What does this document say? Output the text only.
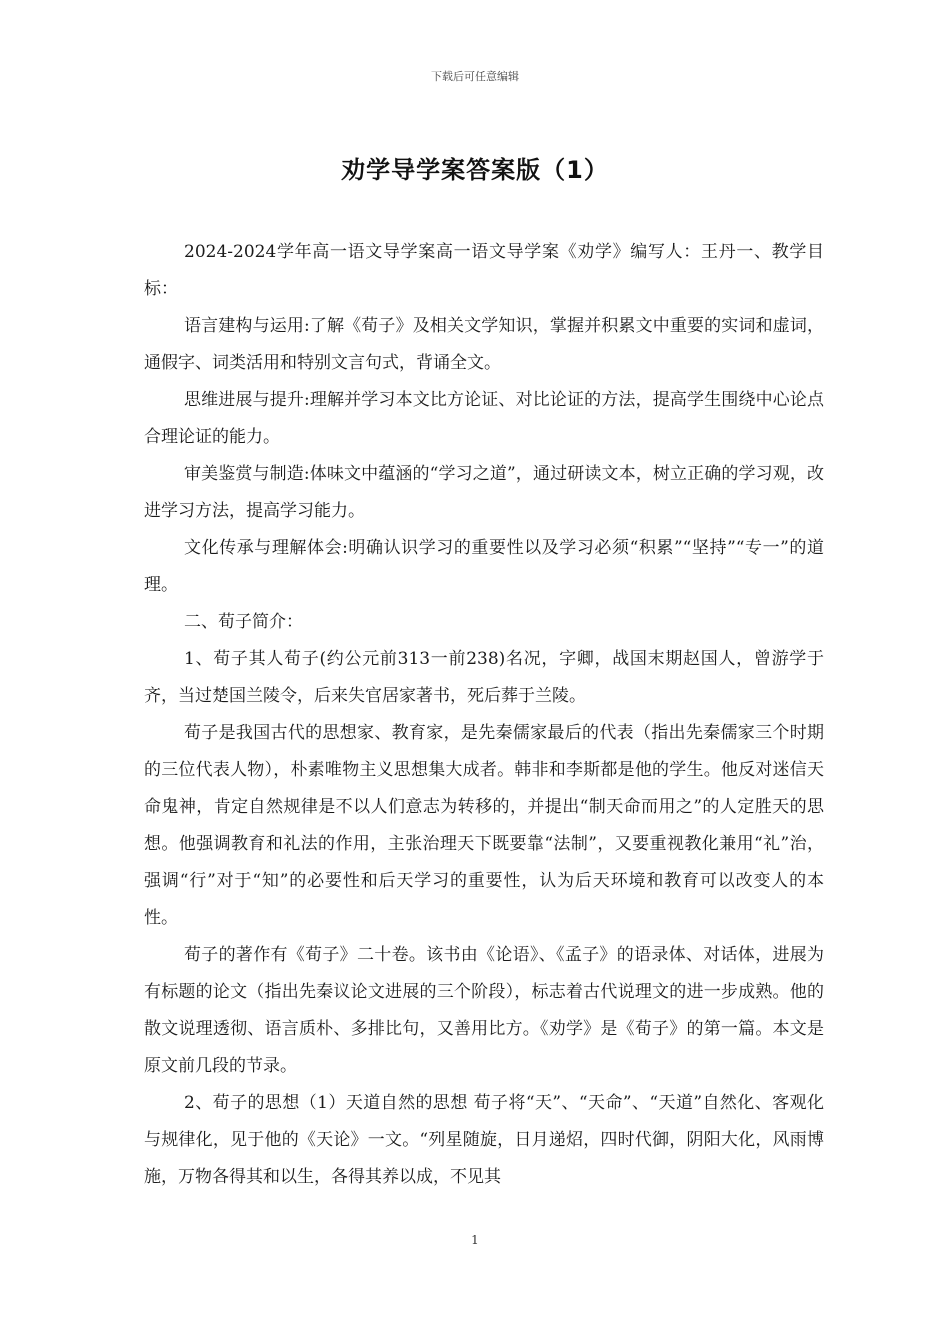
下载后可任意编辑
劝学导学案答案版（1）

2024-2024学年高一语文导学案高一语文导学案《劝学》编写人：王丹一、教学目标：

语言建构与运用:了解《荀子》及相关文学知识，掌握并积累文中重要的实词和虚词，通假字、词类活用和特别文言句式，背诵全文。

思维进展与提升:理解并学习本文比方论证、对比论证的方法，提高学生围绕中心论点合理论证的能力。

审美鉴赏与制造:体味文中蕴涵的“学习之道”，通过研读文本，树立正确的学习观，改进学习方法，提高学习能力。

文化传承与理解体会:明确认识学习的重要性以及学习必须“积累”“坚持”“专一”的道理。

二、荀子简介：

1、荀子其人荀子(约公元前313一前238)名况，字卿，战国末期赵国人，曾游学于齐，当过楚国兰陵令，后来失官居家著书，死后葬于兰陵。

荀子是我国古代的思想家、教育家，是先秦儒家最后的代表（指出先秦儒家三个时期的三位代表人物），朴素唯物主义思想集大成者。韩非和李斯都是他的学生。他反对迷信天命鬼神，肯定自然规律是不以人们意志为转移的，并提出“制天命而用之”的人定胜天的思想。他强调教育和礼法的作用，主张治理天下既要靠“法制”，又要重视教化兼用“礼”治，强调“行”对于“知”的必要性和后天学习的重要性，认为后天环境和教育可以改变人的本性。

荀子的著作有《荀子》二十卷。该书由《论语》、《孟子》的语录体、对话体，进展为有标题的论文（指出先秦议论文进展的三个阶段），标志着古代说理文的进一步成熟。他的散文说理透彻、语言质朴、多排比句，又善用比方。《劝学》是《荀子》的第一篇。本文是原文前几段的节录。

2、荀子的思想（1）天道自然的思想 荀子将“天”、“天命”、“天道”自然化、客观化与规律化，见于他的《天论》一文。“列星随旋，日月递炤，四时代御，阴阳大化，风雨博施，万物各得其和以生，各得其养以成，不见其

1
